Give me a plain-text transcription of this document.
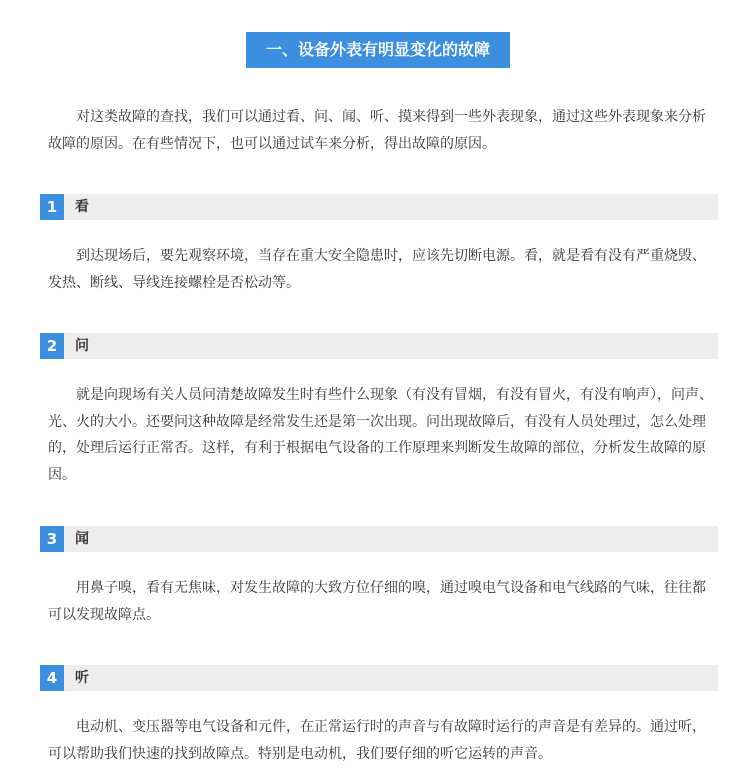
一、设备外表有明显变化的故障

对这类故障的查找，我们可以通过看、问、闻、听、摸来得到一些外表现象，通过这些外表现象来分析故障的原因。在有些情况下，也可以通过试车来分析，得出故障的原因。

1	看

到达现场后，要先观察环境，当存在重大安全隐患时，应该先切断电源。看，就是看有没有严重烧毁、发热、断线、导线连接螺栓是否松动等。

2	问

就是向现场有关人员问清楚故障发生时有些什么现象（有没有冒烟，有没有冒火，有没有响声），问声、光、火的大小。还要问这种故障是经常发生还是第一次出现。问出现故障后，有没有人员处理过，怎么处理的，处理后运行正常否。这样，有利于根据电气设备的工作原理来判断发生故障的部位，分析发生故障的原因。

3	闻

用鼻子嗅，看有无焦味，对发生故障的大致方位仔细的嗅，通过嗅电气设备和电气线路的气味，往往都可以发现故障点。

4	听

电动机、变压器等电气设备和元件，在正常运行时的声音与有故障时运行的声音是有差异的。通过听，可以帮助我们快速的找到故障点。特别是电动机，我们要仔细的听它运转的声音。
